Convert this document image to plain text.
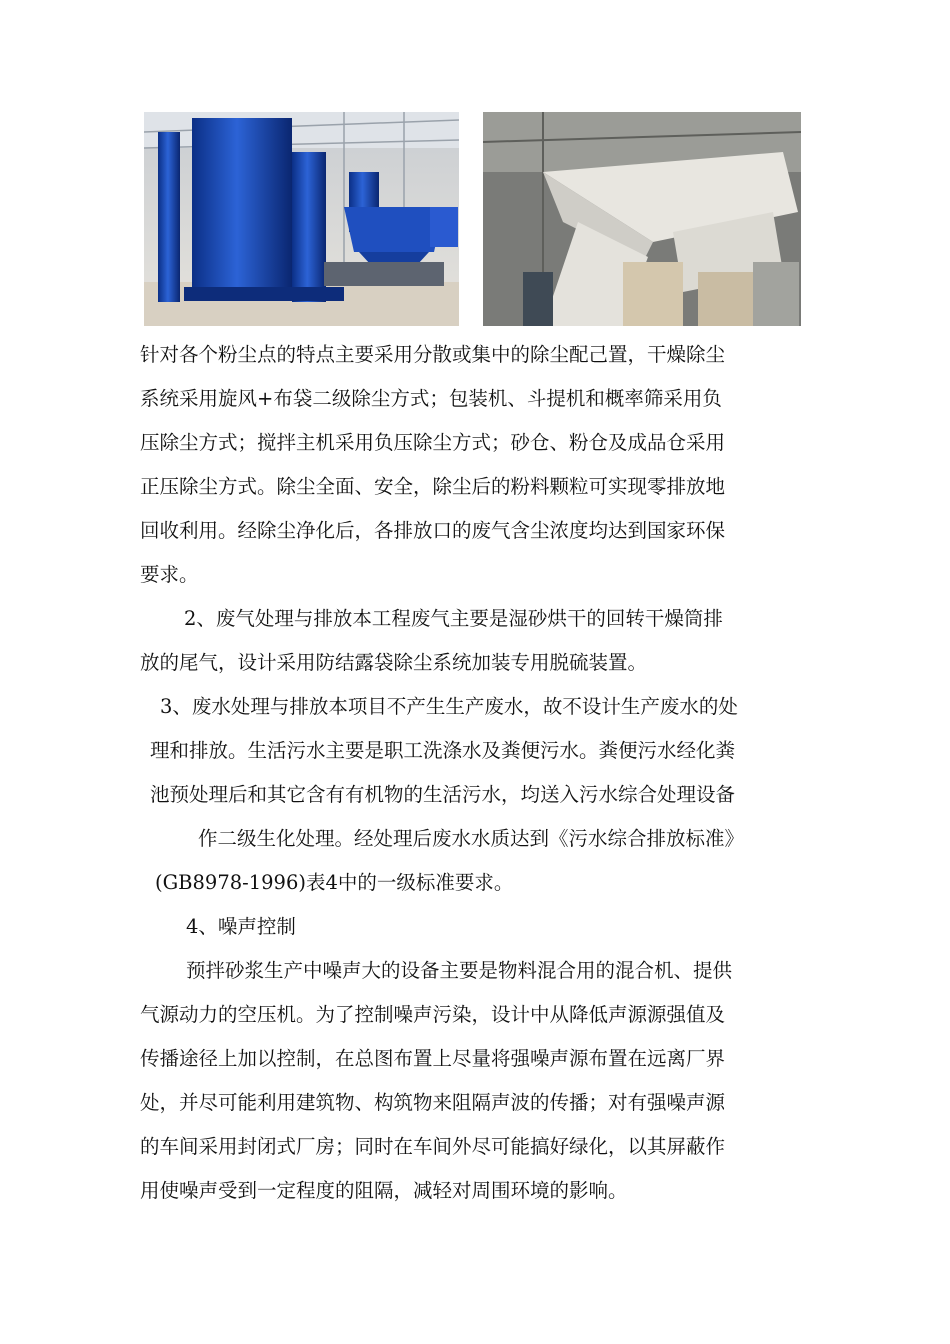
针对各个粉尘点的特点主要采用分散或集中的除尘配己置，干燥除尘
系统采用旋风+布袋二级除尘方式；包装机、斗提机和概率筛采用负
压除尘方式；搅拌主机采用负压除尘方式；砂仓、粉仓及成品仓采用
正压除尘方式。除尘全面、安全，除尘后的粉料颗粒可实现零排放地
回收利用。经除尘净化后，各排放口的废气含尘浓度均达到国家环保
要求。
2、废气处理与排放本工程废气主要是湿砂烘干的回转干燥筒排
放的尾气，设计采用防结露袋除尘系统加装专用脱硫装置。
3、废水处理与排放本项目不产生生产废水，故不设计生产废水的处
理和排放。生活污水主要是职工洗涤水及粪便污水。粪便污水经化粪
池预处理后和其它含有有机物的生活污水，均送入污水综合处理设备
作二级生化处理。经处理后废水水质达到《污水综合排放标准》
(GB8978-1996)表4中的一级标准要求。
4、噪声控制
预拌砂浆生产中噪声大的设备主要是物料混合用的混合机、提供
气源动力的空压机。为了控制噪声污染，设计中从降低声源源强值及
传播途径上加以控制，在总图布置上尽量将强噪声源布置在远离厂界
处，并尽可能利用建筑物、构筑物来阻隔声波的传播；对有强噪声源
的车间采用封闭式厂房；同时在车间外尽可能搞好绿化，以其屏蔽作
用使噪声受到一定程度的阻隔，减轻对周围环境的影响。
